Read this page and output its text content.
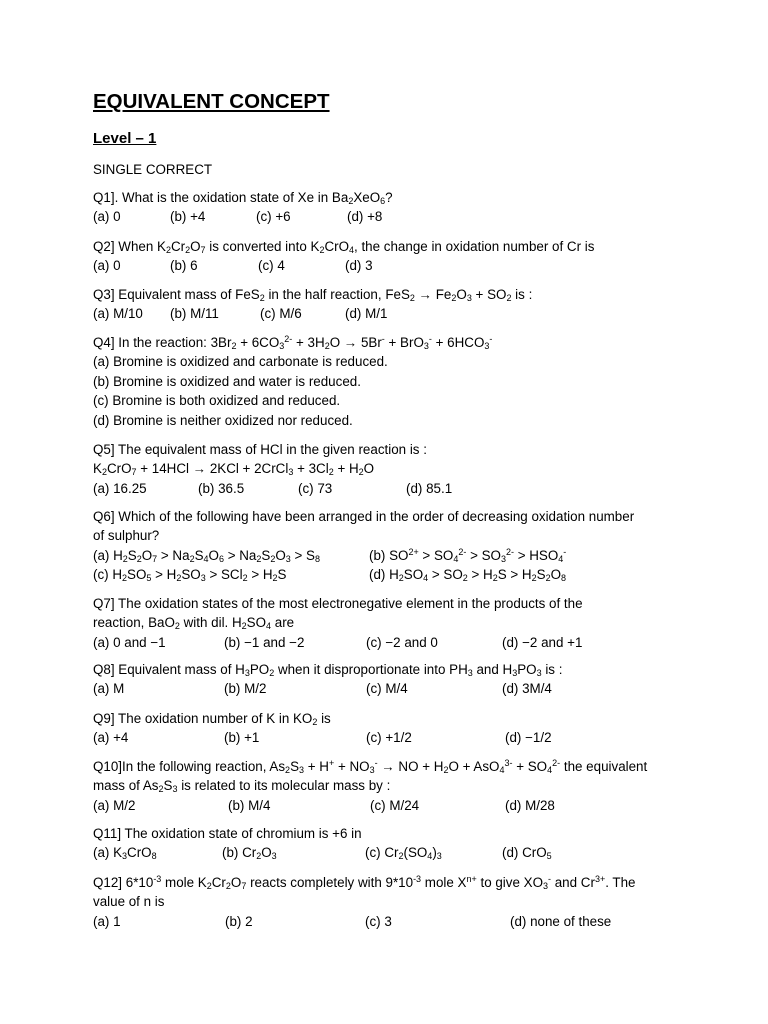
EQUIVALENT CONCEPT
Level – 1
SINGLE CORRECT
Q1]. What is the oxidation state of Xe in $Ba_2XeO_6$?
(a) 0	(b) +4	(c) +6	(d) +8
Q2] When $K_2Cr_2O_7$ is converted into $K_2CrO_4$, the change in oxidation number of Cr is
(a) 0	(b) 6	(c) 4	(d) 3
Q3] Equivalent mass of FeS$_2$ in the half reaction, $FeS_2 \to Fe_2O_3 + SO_2$ is :
(a) M/10 (b) M/11	(c) M/6	(d) M/1
Q4] In the reaction: $3Br_2 + 6CO_3^{2-} + 3H_2O \to 5Br^- + BrO_3^- + 6HCO_3^-$
(a) Bromine is oxidized and carbonate is reduced.
(b) Bromine is oxidized and water is reduced.
(c) Bromine is both oxidized and reduced.
(d) Bromine is neither oxidized nor reduced.
Q5] The equivalent mass of HCl in the given reaction is :
$K_2CrO_7 + 14HCl \to 2KCl$ + 2CrCl$_3$ + $3Cl_2 + H_2O$
(a) 16.25	(b) 36.5	(c) 73	(d) 85.1
Q6] Which of the following have been arranged in the order of decreasing oxidation number
of sulphur?
(a) $H_2S_2O_7 > Na_2S_4O_6 > Na_2S_2O_3 > S_8$	(b) $SO^{2+} > SO_4^{2-} > SO_3^{2-} > HSO_4^-$
(c) $H_2SO_5 > H_2SO_3 > SCl_2 > H_2S$	(d) $H_2SO_4 > SO_2 > H_2S > H_2S_2O_8$
Q7] The oxidation states of the most electronegative element in the products of the
reaction, BaO$_2$ with dil. $H_2SO_4$ are
(a) 0 and −1	(b) −1 and −2	(c) −2 and 0	(d) −2 and +1
Q8] Equivalent mass of $H_3PO_2$ when it disproportionate into $PH_3$ and $H_3PO_3$ is :
(a) M	(b) M/2	(c) M/4	(d) 3M/4
Q9] The oxidation number of K in $KO_2$ is
(a) +4	(b) +1	(c) +1/2	(d) −1/2
Q10]In the following reaction, $As_2S_3 + H^+ + NO_3^-$ → NO + $H_2O + AsO_4^{3-} + SO_4^{2-}$ the equivalent
mass of $As_2S_3$ is related to its molecular mass by :
(a) M/2	(b) M/4	(c) M/24	(d) M/28
Q11] The oxidation state of chromium is +6 in
(a) $K_3CrO_8$	(b) $Cr_2O_3$	(c) $Cr_2(SO_4)_3$	(d) CrO$_5$
Q12] $6*10^{-3}$ mole $K_2Cr_2O_7$ reacts completely with $9*10^{-3}$ mole $X^{n+}$ to give $XO_3^-$ and $Cr^{3+}$. The
value of n is
(a) 1	(b) 2	(c) 3	(d) none of these
